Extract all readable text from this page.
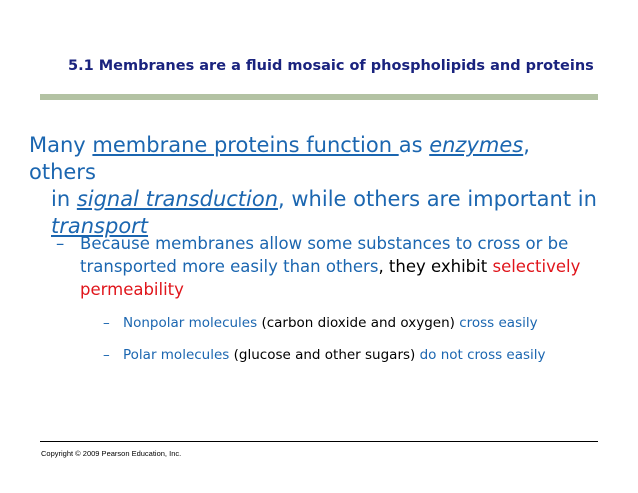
5.1 Membranes are a fluid mosaic of phospholipids and proteins
Many membrane proteins function as enzymes, others
in signal transduction, while others are important in
transport
– Because membranes allow some substances to cross or be transported more easily than others, they exhibit selectively permeability
– Nonpolar molecules (carbon dioxide and oxygen) cross easily
– Polar molecules (glucose and other sugars) do not cross easily
Copyright © 2009 Pearson Education, Inc.
